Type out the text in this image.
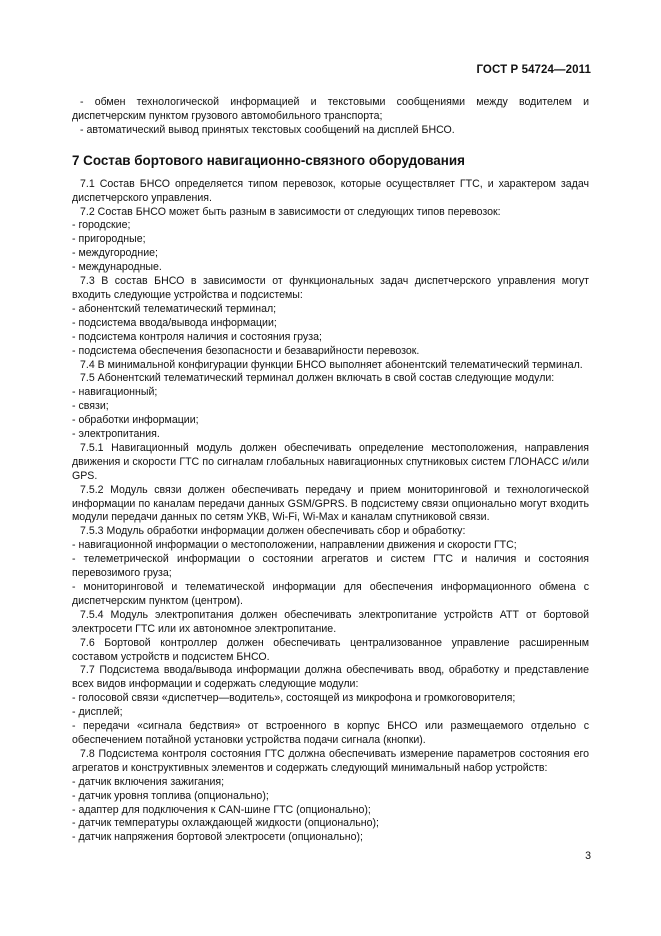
ГОСТ Р 54724—2011

- обмен технологической информацией и текстовыми сообщениями между водителем и диспетчерским пунктом грузового автомобильного транспорта;

- автоматический вывод принятых текстовых сообщений на дисплей БНСО.

7 Состав бортового навигационно-связного оборудования

7.1 Состав БНСО определяется типом перевозок, которые осуществляет ГТС, и характером задач диспетчерского управления.

7.2 Состав БНСО может быть разным в зависимости от следующих типов перевозок:

- городские;

- пригородные;

- междугородние;

- международные.

7.3 В состав БНСО в зависимости от функциональных задач диспетчерского управления могут входить следующие устройства и подсистемы:

- абонентский телематический терминал;

- подсистема ввода/вывода информации;

- подсистема контроля наличия и состояния груза;

- подсистема обеспечения безопасности и безаварийности перевозок.

7.4 В минимальной конфигурации функции БНСО выполняет абонентский телематический терминал.

7.5 Абонентский телематический терминал должен включать в свой состав следующие модули:

- навигационный;

- связи;

- обработки информации;

- электропитания.

7.5.1 Навигационный модуль должен обеспечивать определение местоположения, направления движения и скорости ГТС по сигналам глобальных навигационных спутниковых систем ГЛОНАСС и/или GPS.

7.5.2 Модуль связи должен обеспечивать передачу и прием мониторинговой и технологической информации по каналам передачи данных GSM/GPRS. В подсистему связи опционально могут входить модули передачи данных по сетям УКВ, Wi-Fi, Wi-Max и каналам спутниковой связи.

7.5.3 Модуль обработки информации должен обеспечивать сбор и обработку:

- навигационной информации о местоположении, направлении движения и скорости ГТС;

- телеметрической информации о состоянии агрегатов и систем ГТС и наличия и состояния перевозимого груза;

- мониторинговой и телематической информации для обеспечения информационного обмена с диспетчерским пунктом (центром).

7.5.4 Модуль электропитания должен обеспечивать электропитание устройств АТТ от бортовой электросети ГТС или их автономное электропитание.

7.6 Бортовой контроллер должен обеспечивать централизованное управление расширенным составом устройств и подсистем БНСО.

7.7 Подсистема ввода/вывода информации должна обеспечивать ввод, обработку и представление всех видов информации и содержать следующие модули:

- голосовой связи «диспетчер—водитель», состоящей из микрофона и громкоговорителя;

- дисплей;

- передачи «сигнала бедствия» от встроенного в корпус БНСО или размещаемого отдельно с обеспечением потайной установки устройства подачи сигнала (кнопки).

7.8 Подсистема контроля состояния ГТС должна обеспечивать измерение параметров состояния его агрегатов и конструктивных элементов и содержать следующий минимальный набор устройств:

- датчик включения зажигания;

- датчик уровня топлива (опционально);

- адаптер для подключения к CAN-шине ГТС (опционально);

- датчик температуры охлаждающей жидкости (опционально);

- датчик напряжения бортовой электросети (опционально);

3
